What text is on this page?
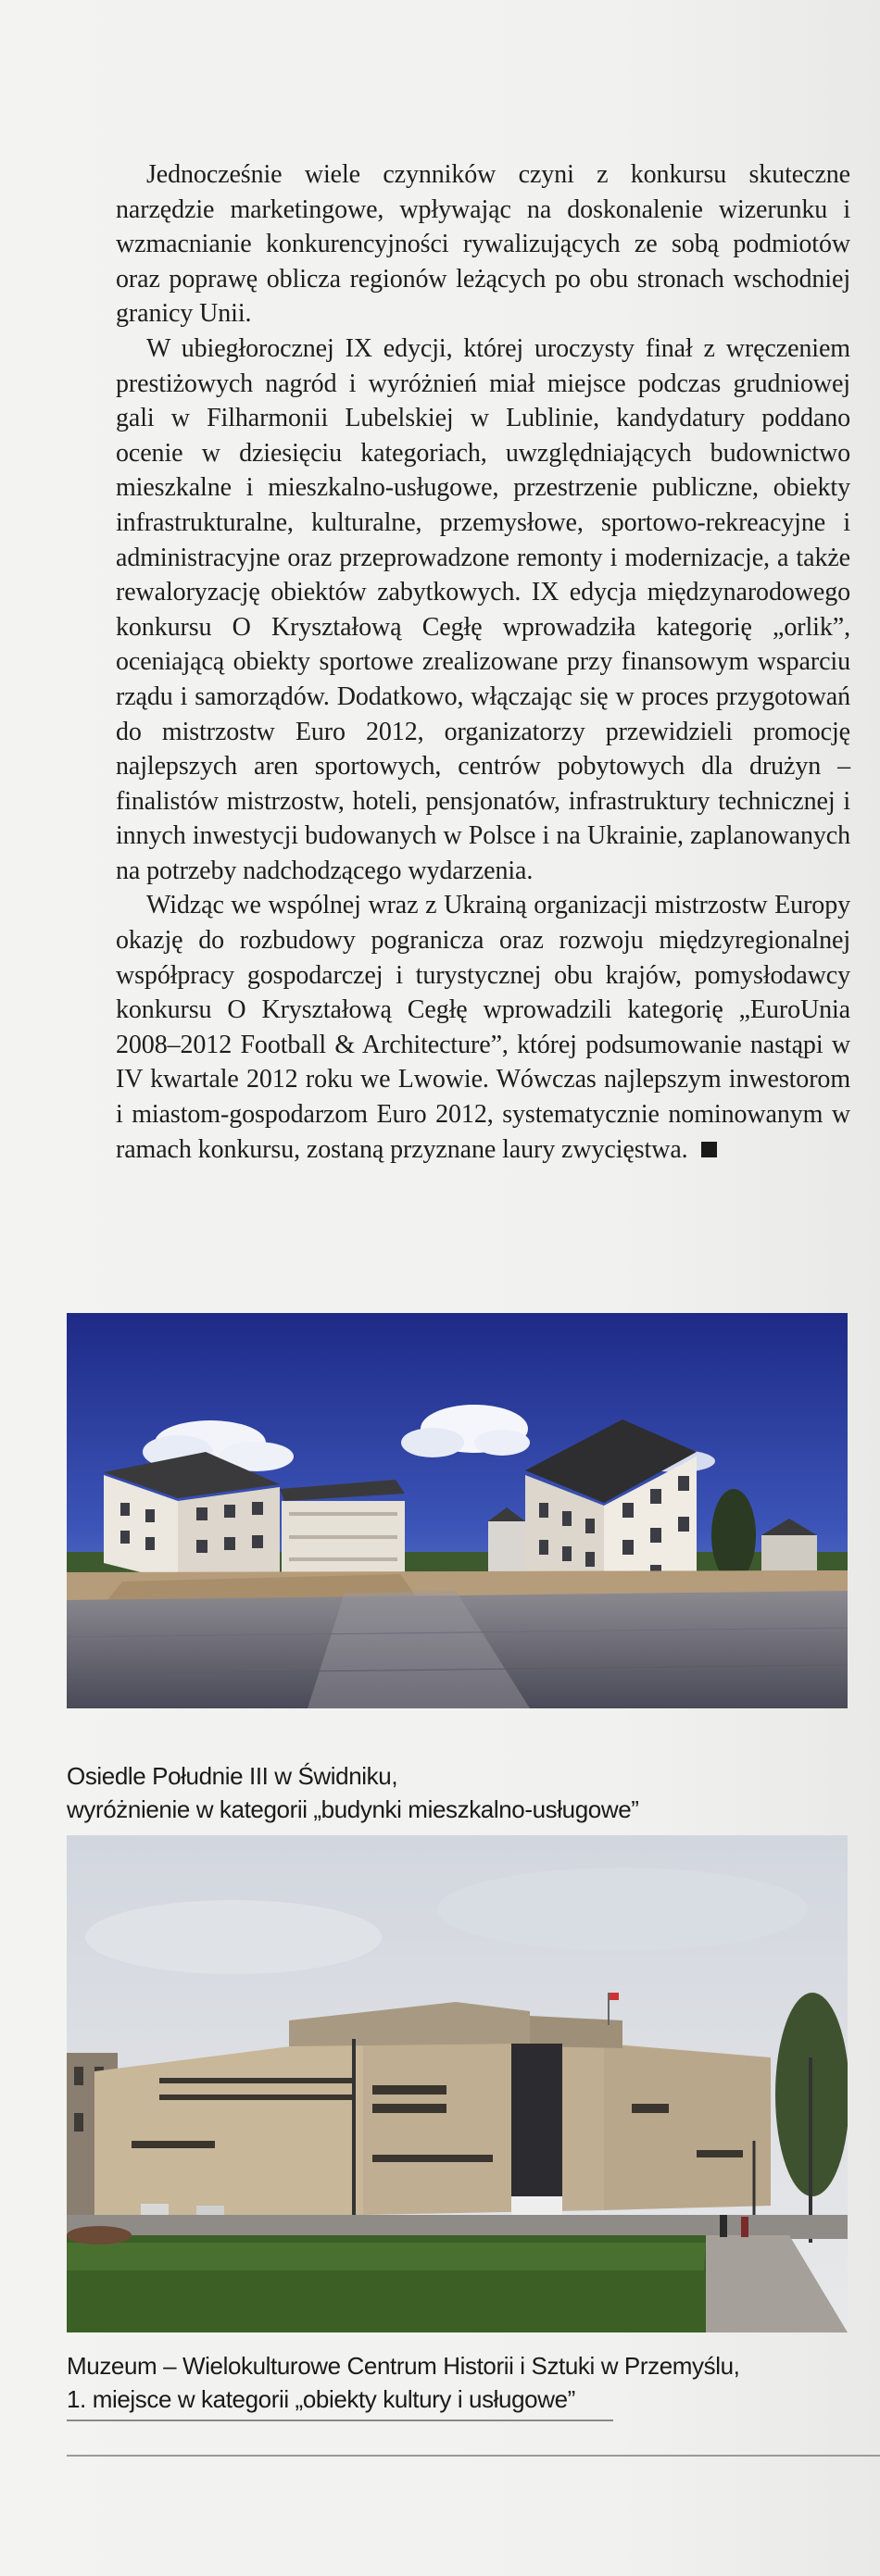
Jednocześnie wiele czynników czyni z konkursu skuteczne narzędzie marketingowe, wpływając na doskonalenie wizerunku i wzmacnianie konkurencyjności rywalizujących ze sobą podmiotów oraz poprawę oblicza regionów leżących po obu stronach wschodniej granicy Unii.

W ubiegłorocznej IX edycji, której uroczysty finał z wręczeniem prestiżowych nagród i wyróżnień miał miejsce podczas grudniowej gali w Filharmonii Lubelskiej w Lublinie, kandydatury poddano ocenie w dziesięciu kategoriach, uwzględniających budownictwo mieszkalne i mieszkalno-usługowe, przestrzenie publiczne, obiekty infrastrukturalne, kulturalne, przemysłowe, sportowo-rekreacyjne i administracyjne oraz przeprowadzone remonty i modernizacje, a także rewaloryzację obiektów zabytkowych. IX edycja międzynarodowego konkursu O Kryształową Cegłę wprowadziła kategorię „orlik”, oceniającą obiekty sportowe zrealizowane przy finansowym wsparciu rządu i samorządów. Dodatkowo, włączając się w proces przygotowań do mistrzostw Euro 2012, organizatorzy przewidzieli promocję najlepszych aren sportowych, centrów pobytowych dla drużyn – finalistów mistrzostw, hoteli, pensjonatów, infrastruktury technicznej i innych inwestycji budowanych w Polsce i na Ukrainie, zaplanowanych na potrzeby nadchodzącego wydarzenia.

Widząc we wspólnej wraz z Ukrainą organizacji mistrzostw Europy okazję do rozbudowy pogranicza oraz rozwoju międzyregionalnej współpracy gospodarczej i turystycznej obu krajów, pomysłodawcy konkursu O Kryształową Cegłę wprowadzili kategorię „EuroUnia 2008–2012 Football & Architecture”, której podsumowanie nastąpi w IV kwartale 2012 roku we Lwowie. Wówczas najlepszym inwestorom i miastom-gospodarzom Euro 2012, systematycznie nominowanym w ramach konkursu, zostaną przyznane laury zwycięstwa.

Osiedle Południe III w Świdniku,
wyróżnienie w kategorii „budynki mieszkalno-usługowe”
Muzeum – Wielokulturowe Centrum Historii i Sztuki w Przemyślu,
1. miejsce w kategorii „obiekty kultury i usługowe”
